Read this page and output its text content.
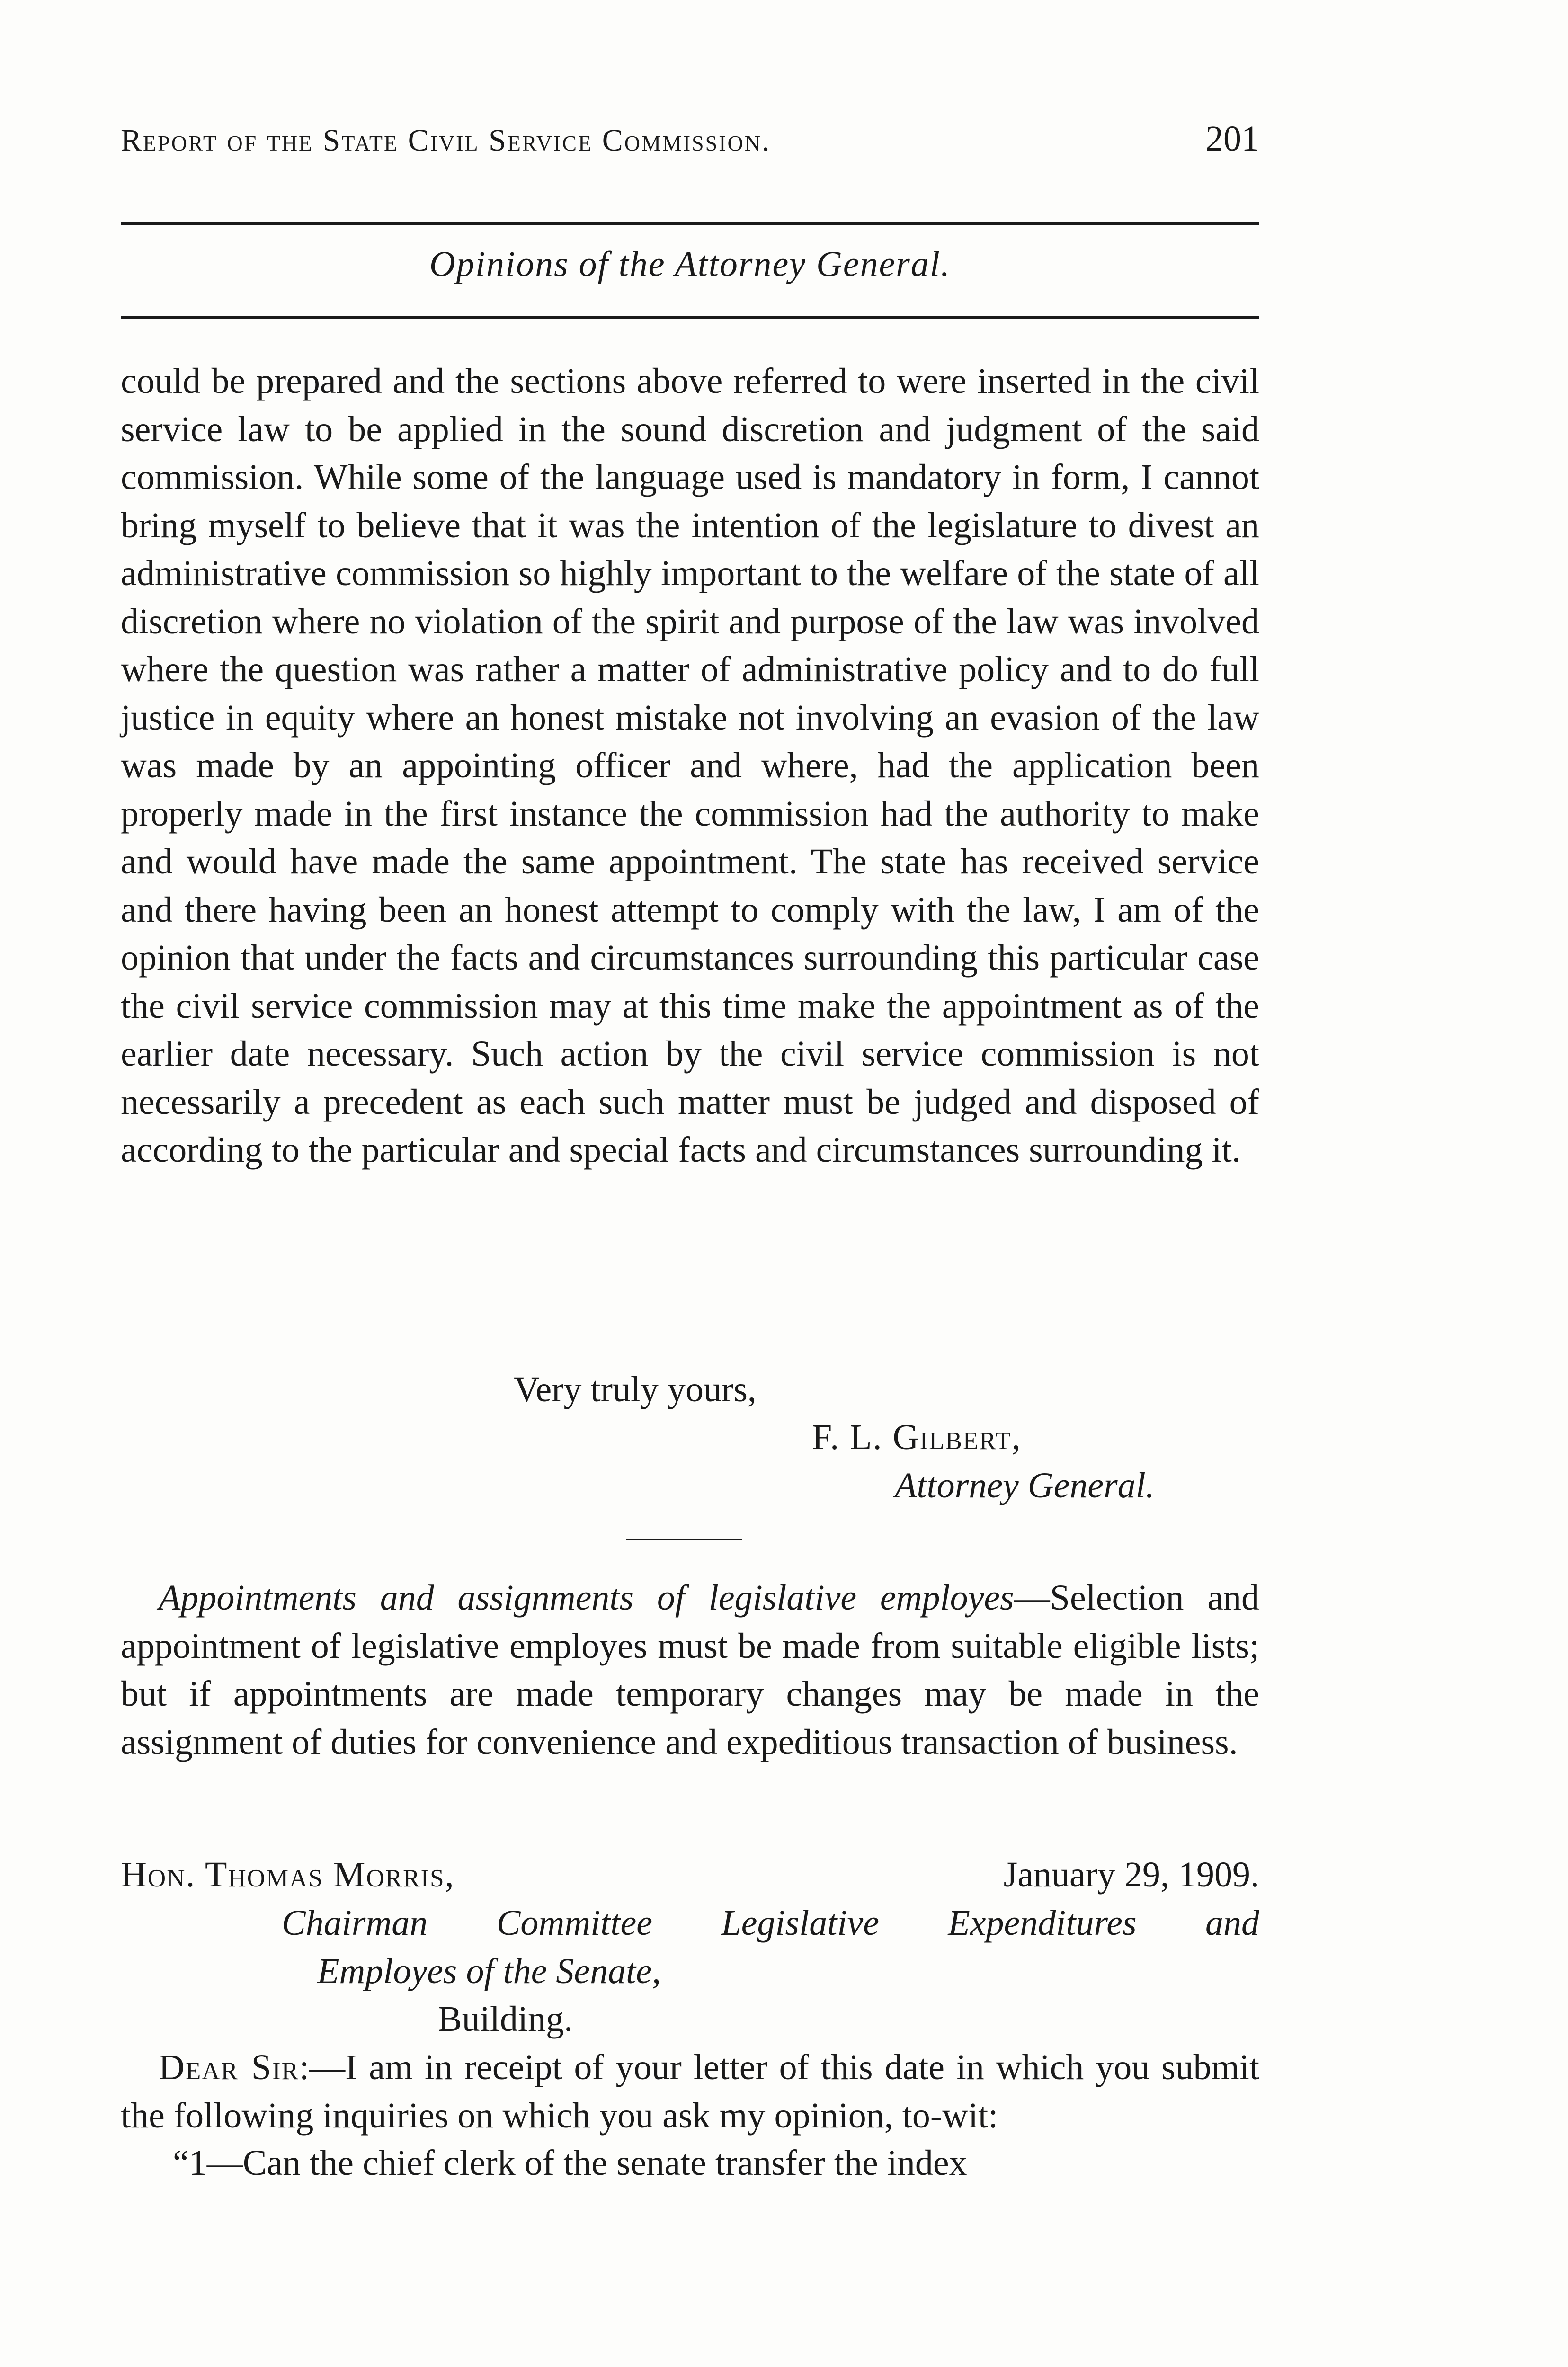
Report of the State Civil Service Commission.	201
Opinions of the Attorney General.

could be prepared and the sections above referred to were inserted in the civil service law to be applied in the sound discretion and judgment of the said commission. While some of the language used is mandatory in form, I cannot bring myself to believe that it was the intention of the legislature to divest an administrative commission so highly important to the welfare of the state of all discretion where no violation of the spirit and purpose of the law was involved where the question was rather a matter of administrative policy and to do full justice in equity where an honest mistake not involving an evasion of the law was made by an appointing officer and where, had the application been properly made in the first instance the commission had the authority to make and would have made the same appointment. The state has received service and there having been an honest attempt to comply with the law, I am of the opinion that under the facts and circumstances surrounding this particular case the civil service commission may at this time make the appointment as of the earlier date necessary. Such action by the civil service commission is not necessarily a precedent as each such matter must be judged and disposed of according to the particular and special facts and circumstances surrounding it.

Very truly yours,
F. L. Gilbert,
Attorney General.

Appointments and assignments of legislative employes—Selection and appointment of legislative employes must be made from suitable eligible lists; but if appointments are made temporary changes may be made in the assignment of duties for convenience and expeditious transaction of business.

Hon. Thomas Morris,	January 29, 1909.
Chairman Committee Legislative Expenditures and
Employes of the Senate,
Building.

Dear Sir:—I am in receipt of your letter of this date in which you submit the following inquiries on which you ask my opinion, to-wit:

“1—Can the chief clerk of the senate transfer the index
